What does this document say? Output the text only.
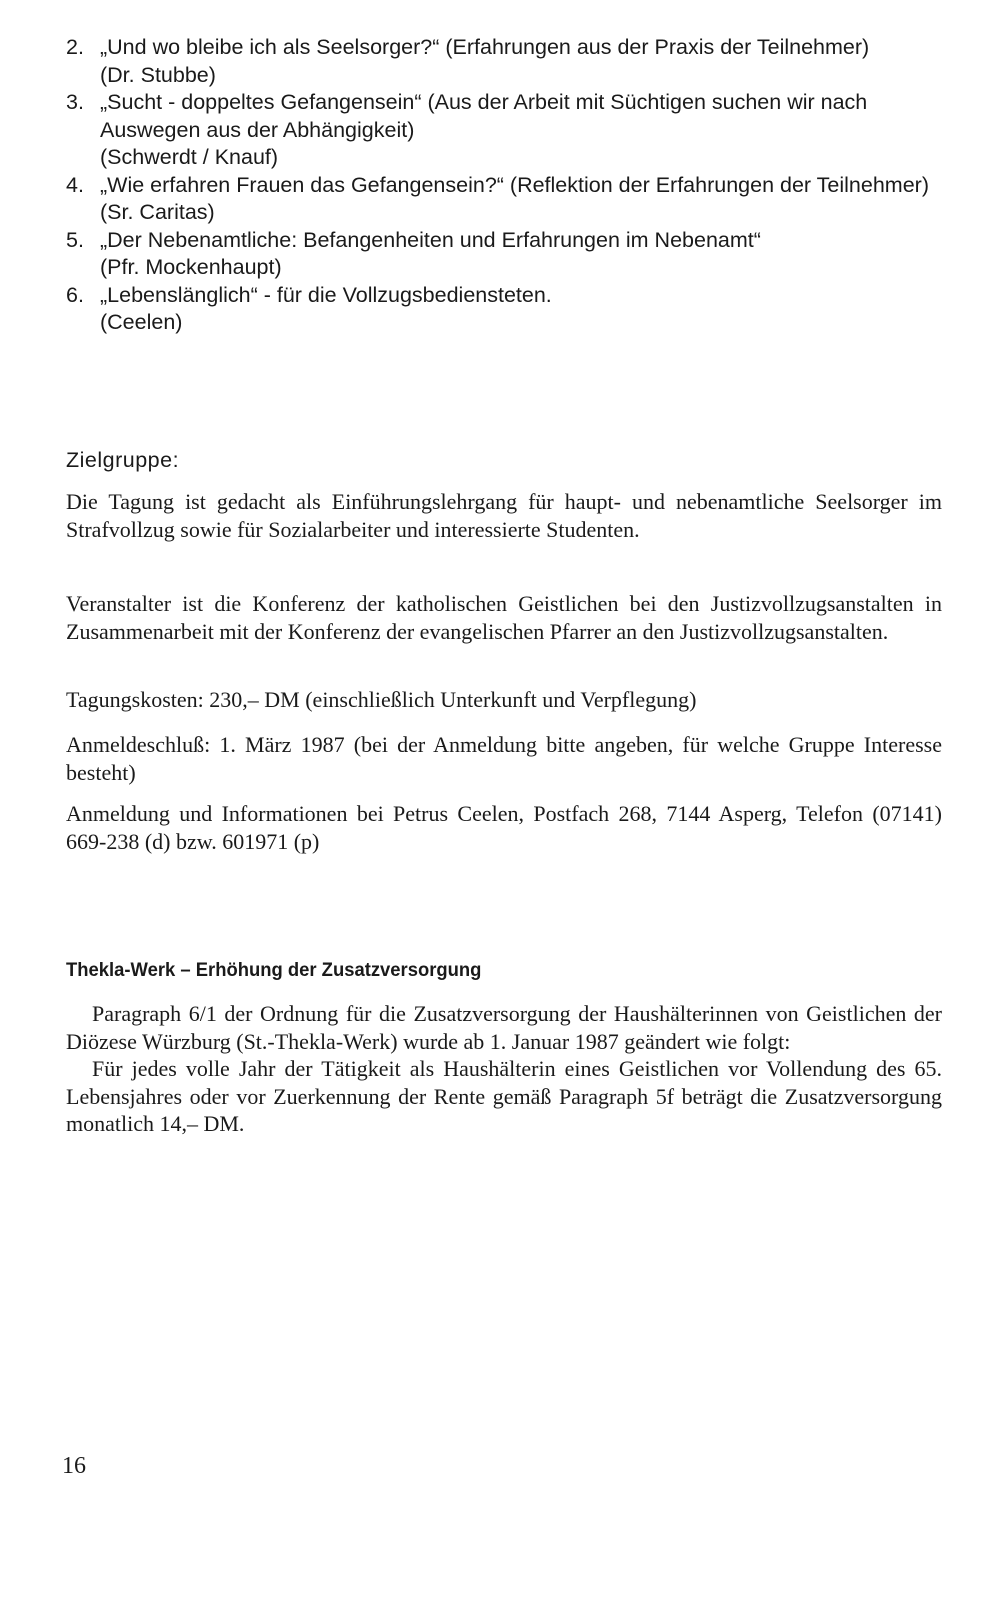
2. „Und wo bleibe ich als Seelsorger?“ (Erfahrungen aus der Praxis der Teilnehmer)
(Dr. Stubbe)
3. „Sucht - doppeltes Gefangensein“ (Aus der Arbeit mit Süchtigen suchen wir nach Auswegen aus der Abhängigkeit)
(Schwerdt / Knauf)
4. „Wie erfahren Frauen das Gefangensein?“ (Reflektion der Erfahrungen der Teilnehmer)
(Sr. Caritas)
5. „Der Nebenamtliche: Befangenheiten und Erfahrungen im Nebenamt“
(Pfr. Mockenhaupt)
6. „Lebenslänglich“ - für die Vollzugsbediensteten.
(Ceelen)

Zielgruppe:

Die Tagung ist gedacht als Einführungslehrgang für haupt- und nebenamtliche Seelsorger im Strafvollzug sowie für Sozialarbeiter und interessierte Studenten.

Veranstalter ist die Konferenz der katholischen Geistlichen bei den Justizvollzugsanstalten in Zusammenarbeit mit der Konferenz der evangelischen Pfarrer an den Justizvollzugsanstalten.

Tagungskosten: 230,– DM (einschließlich Unterkunft und Verpflegung)

Anmeldeschluß: 1. März 1987 (bei der Anmeldung bitte angeben, für welche Gruppe Interesse besteht)

Anmeldung und Informationen bei Petrus Ceelen, Postfach 268, 7144 Asperg, Telefon (07141) 669-238 (d) bzw. 601971 (p)

Thekla-Werk – Erhöhung der Zusatzversorgung

Paragraph 6/1 der Ordnung für die Zusatzversorgung der Haushälterinnen von Geistlichen der Diözese Würzburg (St.-Thekla-Werk) wurde ab 1. Januar 1987 geändert wie folgt:

Für jedes volle Jahr der Tätigkeit als Haushälterin eines Geistlichen vor Vollendung des 65. Lebensjahres oder vor Zuerkennung der Rente gemäß Paragraph 5f beträgt die Zusatzversorgung monatlich 14,– DM.

16
